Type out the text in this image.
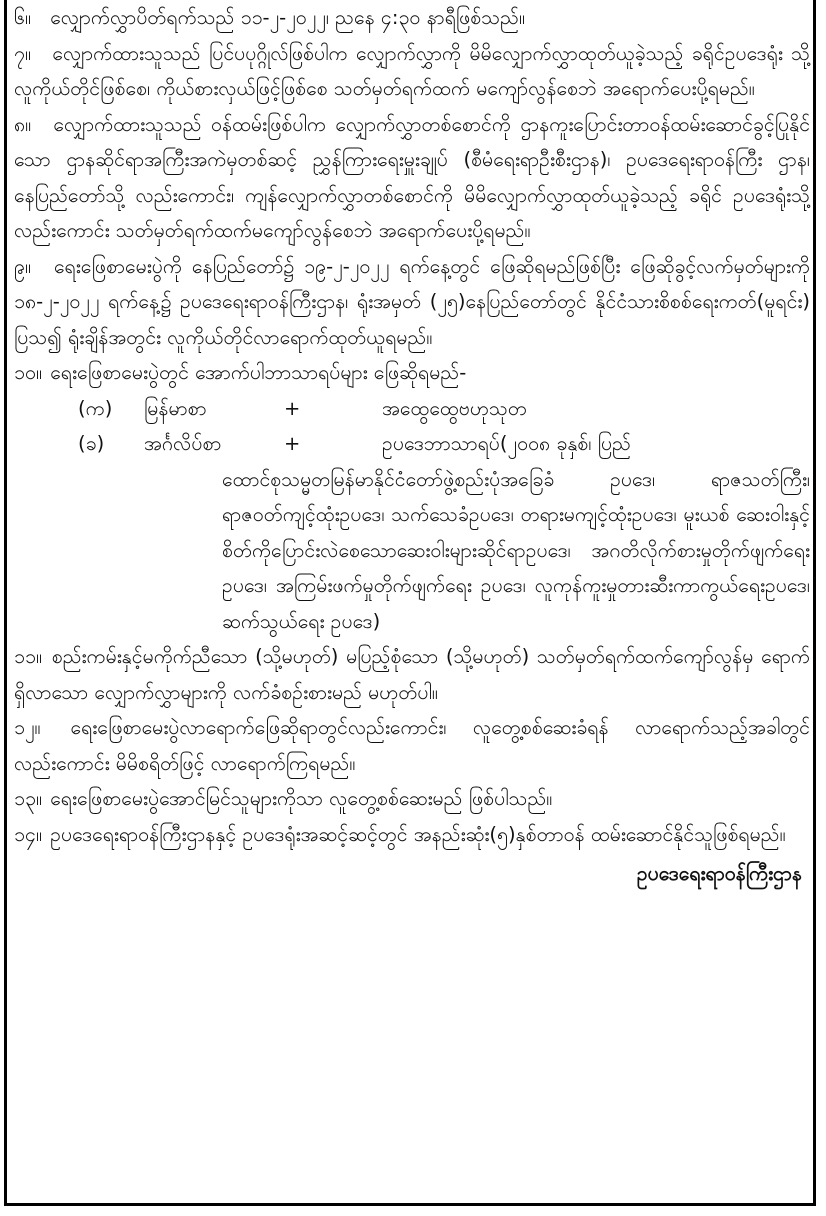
၆။ လျှောက်လွှာပိတ်ရက်သည် ၁၁-၂-၂၀၂၂၊ ညနေ ၄:၃၀ နာရီဖြစ်သည်။

၇။ လျှောက်ထားသူသည် ပြင်ပပုဂ္ဂိုလ်ဖြစ်ပါက လျှောက်လွှာကို မိမိလျှောက်လွှာထုတ်ယူခဲ့သည့် ခရိုင်ဥပဒေရုံး သို့ လူကိုယ်တိုင်ဖြစ်စေ၊ ကိုယ်စားလှယ်ဖြင့်ဖြစ်စေ သတ်မှတ်ရက်ထက် မကျော်လွန်စေဘဲ အရောက်ပေးပို့ရမည်။

၈။ လျှောက်ထားသူသည် ဝန်ထမ်းဖြစ်ပါက လျှောက်လွှာတစ်စောင်ကို ဌာနကူးပြောင်းတာဝန်ထမ်းဆောင်ခွင့်ပြုနိုင်သော ဌာနဆိုင်ရာအကြီးအကဲမှတစ်ဆင့် ညွှန်ကြားရေးမှူးချုပ် (စီမံရေးရာဦးစီးဌာန)၊ ဥပဒေရေးရာဝန်ကြီး ဌာန၊ နေပြည်တော်သို့ လည်းကောင်း၊ ကျန်လျှောက်လွှာတစ်စောင်ကို မိမိလျှောက်လွှာထုတ်ယူခဲ့သည့် ခရိုင် ဥပဒေရုံးသို့လည်းကောင်း သတ်မှတ်ရက်ထက်မကျော်လွန်စေဘဲ အရောက်ပေးပို့ရမည်။

၉။ ရေးဖြေစာမေးပွဲကို နေပြည်တော်၌ ၁၉-၂-၂၀၂၂ ရက်နေ့တွင် ဖြေဆိုရမည်ဖြစ်ပြီး ဖြေဆိုခွင့်လက်မှတ်များကို ၁၈-၂-၂၀၂၂ ရက်နေ့၌ ဥပဒေရေးရာဝန်ကြီးဌာန၊ ရုံးအမှတ် (၂၅)နေပြည်တော်တွင် နိုင်ငံသားစိစစ်ရေးကတ်(မူရင်း) ပြသ၍ ရုံးချိန်အတွင်း လူကိုယ်တိုင်လာရောက်ထုတ်ယူရမည်။

၁၀။ ရေးဖြေစာမေးပွဲတွင် အောက်ပါဘာသာရပ်များ ဖြေဆိုရမည်-
(က)	မြန်မာစာ	+	အထွေထွေဗဟုသုတ
(ခ)	အင်္ဂလိပ်စာ	+	ဥပဒေဘာသာရပ်(၂၀၀၈ ခုနှစ်၊ ပြည်
ထောင်စုသမ္မတမြန်မာနိုင်ငံတော်ဖွဲ့စည်းပုံအခြေခံ ဥပဒေ၊ ရာဇသတ်ကြီး၊ ရာဇဝတ်ကျင့်ထုံးဥပဒေ၊ သက်သေခံဥပဒေ၊ တရားမကျင့်ထုံးဥပဒေ၊ မူးယစ် ဆေးဝါးနှင့်စိတ်ကိုပြောင်းလဲစေသောဆေးဝါးများဆိုင်ရာဥပဒေ၊ အဂတိလိုက်စားမှုတိုက်ဖျက်ရေး ဥပဒေ၊ အကြမ်းဖက်မှုတိုက်ဖျက်ရေး ဥပဒေ၊ လူကုန်ကူးမှုတားဆီးကာကွယ်ရေးဥပဒေ၊ ဆက်သွယ်ရေး ဥပဒေ)

၁၁။ စည်းကမ်းနှင့်မကိုက်ညီသော (သို့မဟုတ်) မပြည့်စုံသော (သို့မဟုတ်) သတ်မှတ်ရက်ထက်ကျော်လွန်မှ ရောက်ရှိလာသော လျှောက်လွှာများကို လက်ခံစဉ်းစားမည် မဟုတ်ပါ။

၁၂။ ရေးဖြေစာမေးပွဲလာရောက်ဖြေဆိုရာတွင်လည်းကောင်း၊ လူတွေ့စစ်ဆေးခံရန် လာရောက်သည့်အခါတွင် လည်းကောင်း မိမိစရိတ်ဖြင့် လာရောက်ကြရမည်။

၁၃။ ရေးဖြေစာမေးပွဲအောင်မြင်သူများကိုသာ လူတွေ့စစ်ဆေးမည် ဖြစ်ပါသည်။

၁၄။ ဥပဒေရေးရာဝန်ကြီးဌာနနှင့် ဥပဒေရုံးအဆင့်ဆင့်တွင် အနည်းဆုံး(၅)နှစ်တာဝန် ထမ်းဆောင်နိုင်သူဖြစ်ရမည်။

ဥပဒေရေးရာဝန်ကြီးဌာန
